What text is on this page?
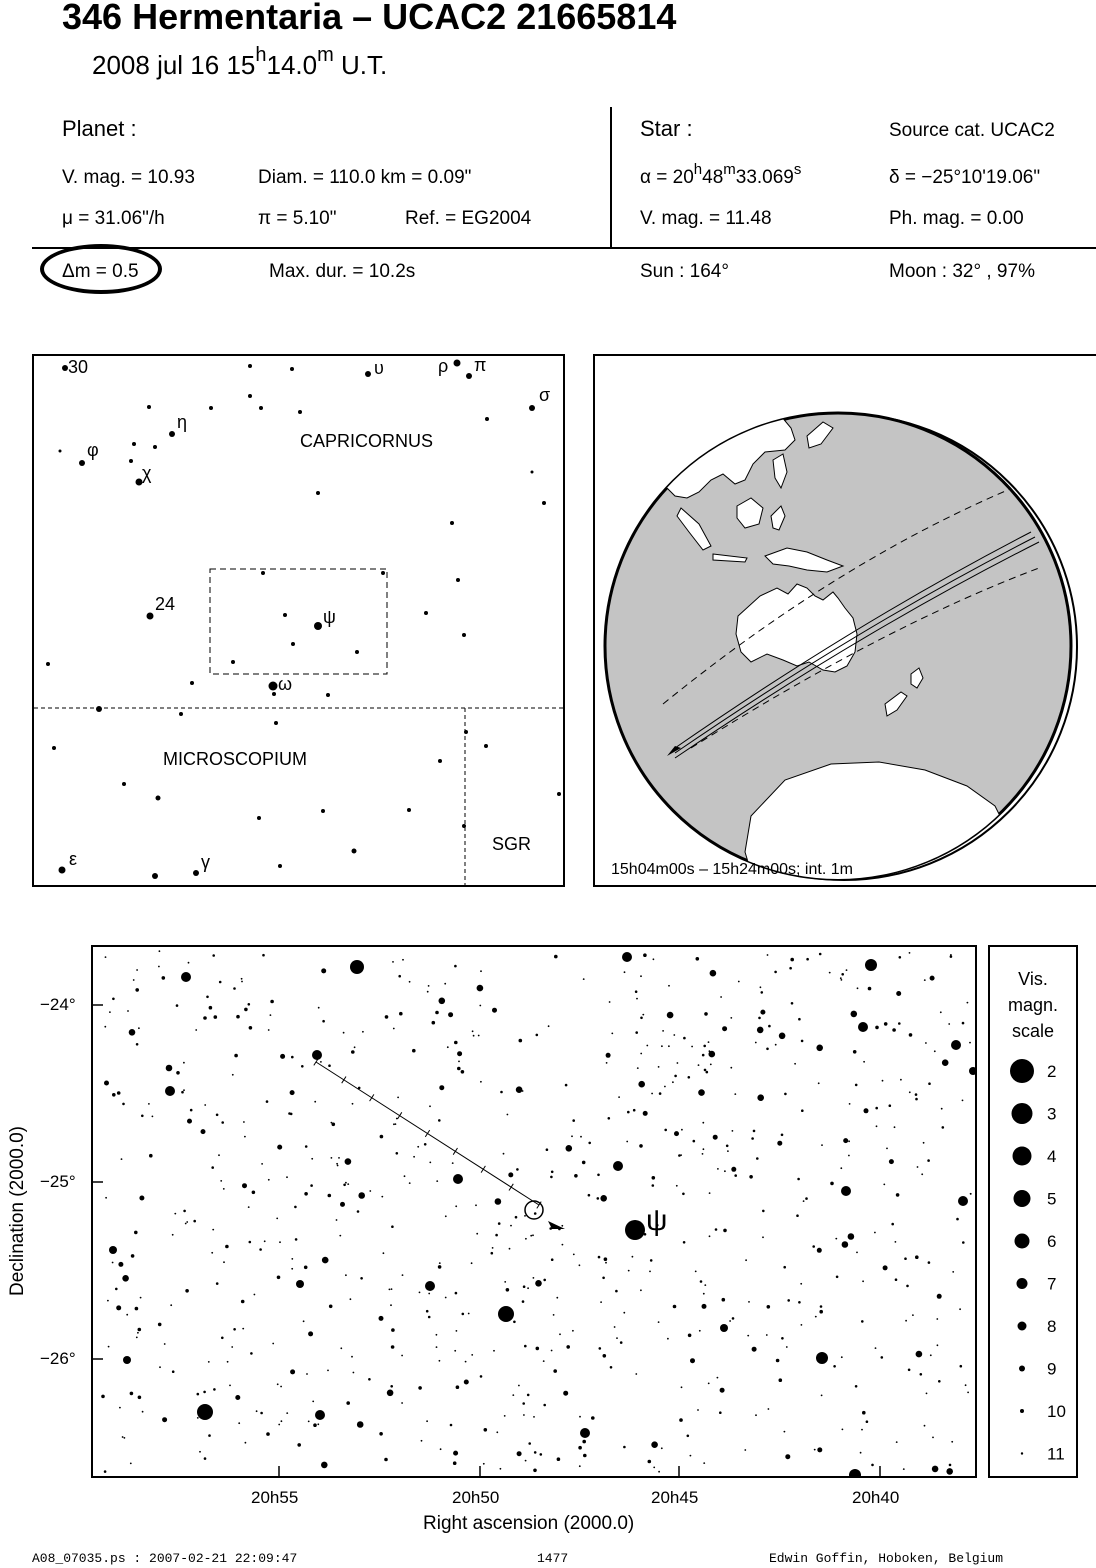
346 Hermentaria – UCAC2 21665814
2008 jul 16 15$^h$14.0$^m$ U.T.
Planet :
V. mag. = 10.93	Diam. = 110.0 km = 0.09"
μ = 31.06"/h	π = 5.10"	Ref. = EG2004
Δm = 0.5	Max. dur. = 10.2s
Star :	Source cat. UCAC2
$\alpha = 20^h48^m33.069^s$	δ = −25°10'19.06"
V. mag. = 11.48	Ph. mag. = 0.00
Sun : 164°	Moon : 32° , 97%
CAPRICORNUS
MICROSCOPIUM
SGR
30	υ	ρ π
σ
η
φ
χ
24
ψ
ω
ε	γ	15h04m00s – 15h24m00s; int. 1m
ψ
−24°
−25°
−26°
20h55	20h50	20h45	20h40
Right ascension (2000.0)
Declination (2000.0)
Vis.
magn.
scale
2
3
4
5
6
7
8
9
10
11
A08_07035.ps : 2007-02-21 22:09:47	1477	Edwin Goffin, Hoboken, Belgium
